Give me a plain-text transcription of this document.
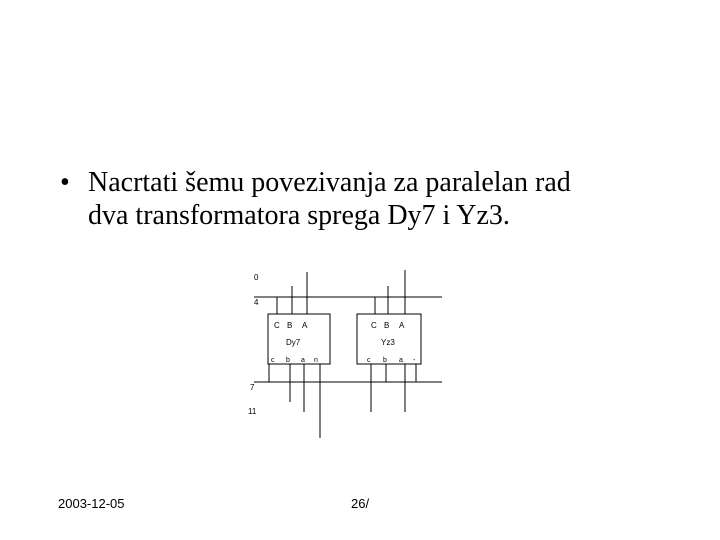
• Nacrtati šemu povezivanja za paralelan rad
dva transformatora sprega Dy7 i Yz3.
0
4
7
11
C B A
Dy7
c b a n
C B A
Yz3
c b a -
2003-12-05	26/
